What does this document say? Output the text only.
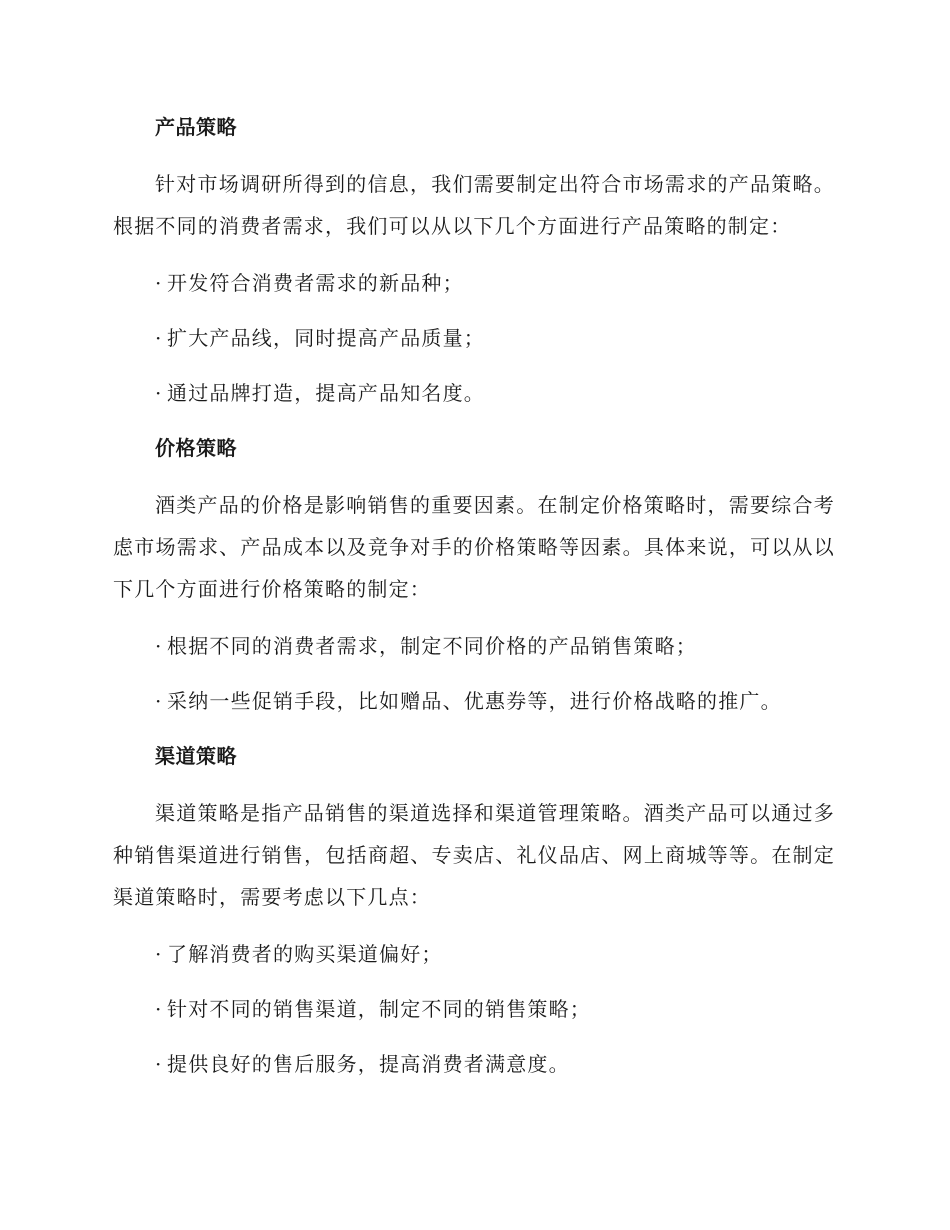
产品策略

针对市场调研所得到的信息，我们需要制定出符合市场需求的产品策略。根据不同的消费者需求，我们可以从以下几个方面进行产品策略的制定：

· 开发符合消费者需求的新品种；
· 扩大产品线，同时提高产品质量；
· 通过品牌打造，提高产品知名度。
价格策略

酒类产品的价格是影响销售的重要因素。在制定价格策略时，需要综合考虑市场需求、产品成本以及竞争对手的价格策略等因素。具体来说，可以从以下几个方面进行价格策略的制定：

· 根据不同的消费者需求，制定不同价格的产品销售策略；
· 采纳一些促销手段，比如赠品、优惠券等，进行价格战略的推广。
渠道策略

渠道策略是指产品销售的渠道选择和渠道管理策略。酒类产品可以通过多种销售渠道进行销售，包括商超、专卖店、礼仪品店、网上商城等等。在制定渠道策略时，需要考虑以下几点：

· 了解消费者的购买渠道偏好；
· 针对不同的销售渠道，制定不同的销售策略；
· 提供良好的售后服务，提高消费者满意度。
